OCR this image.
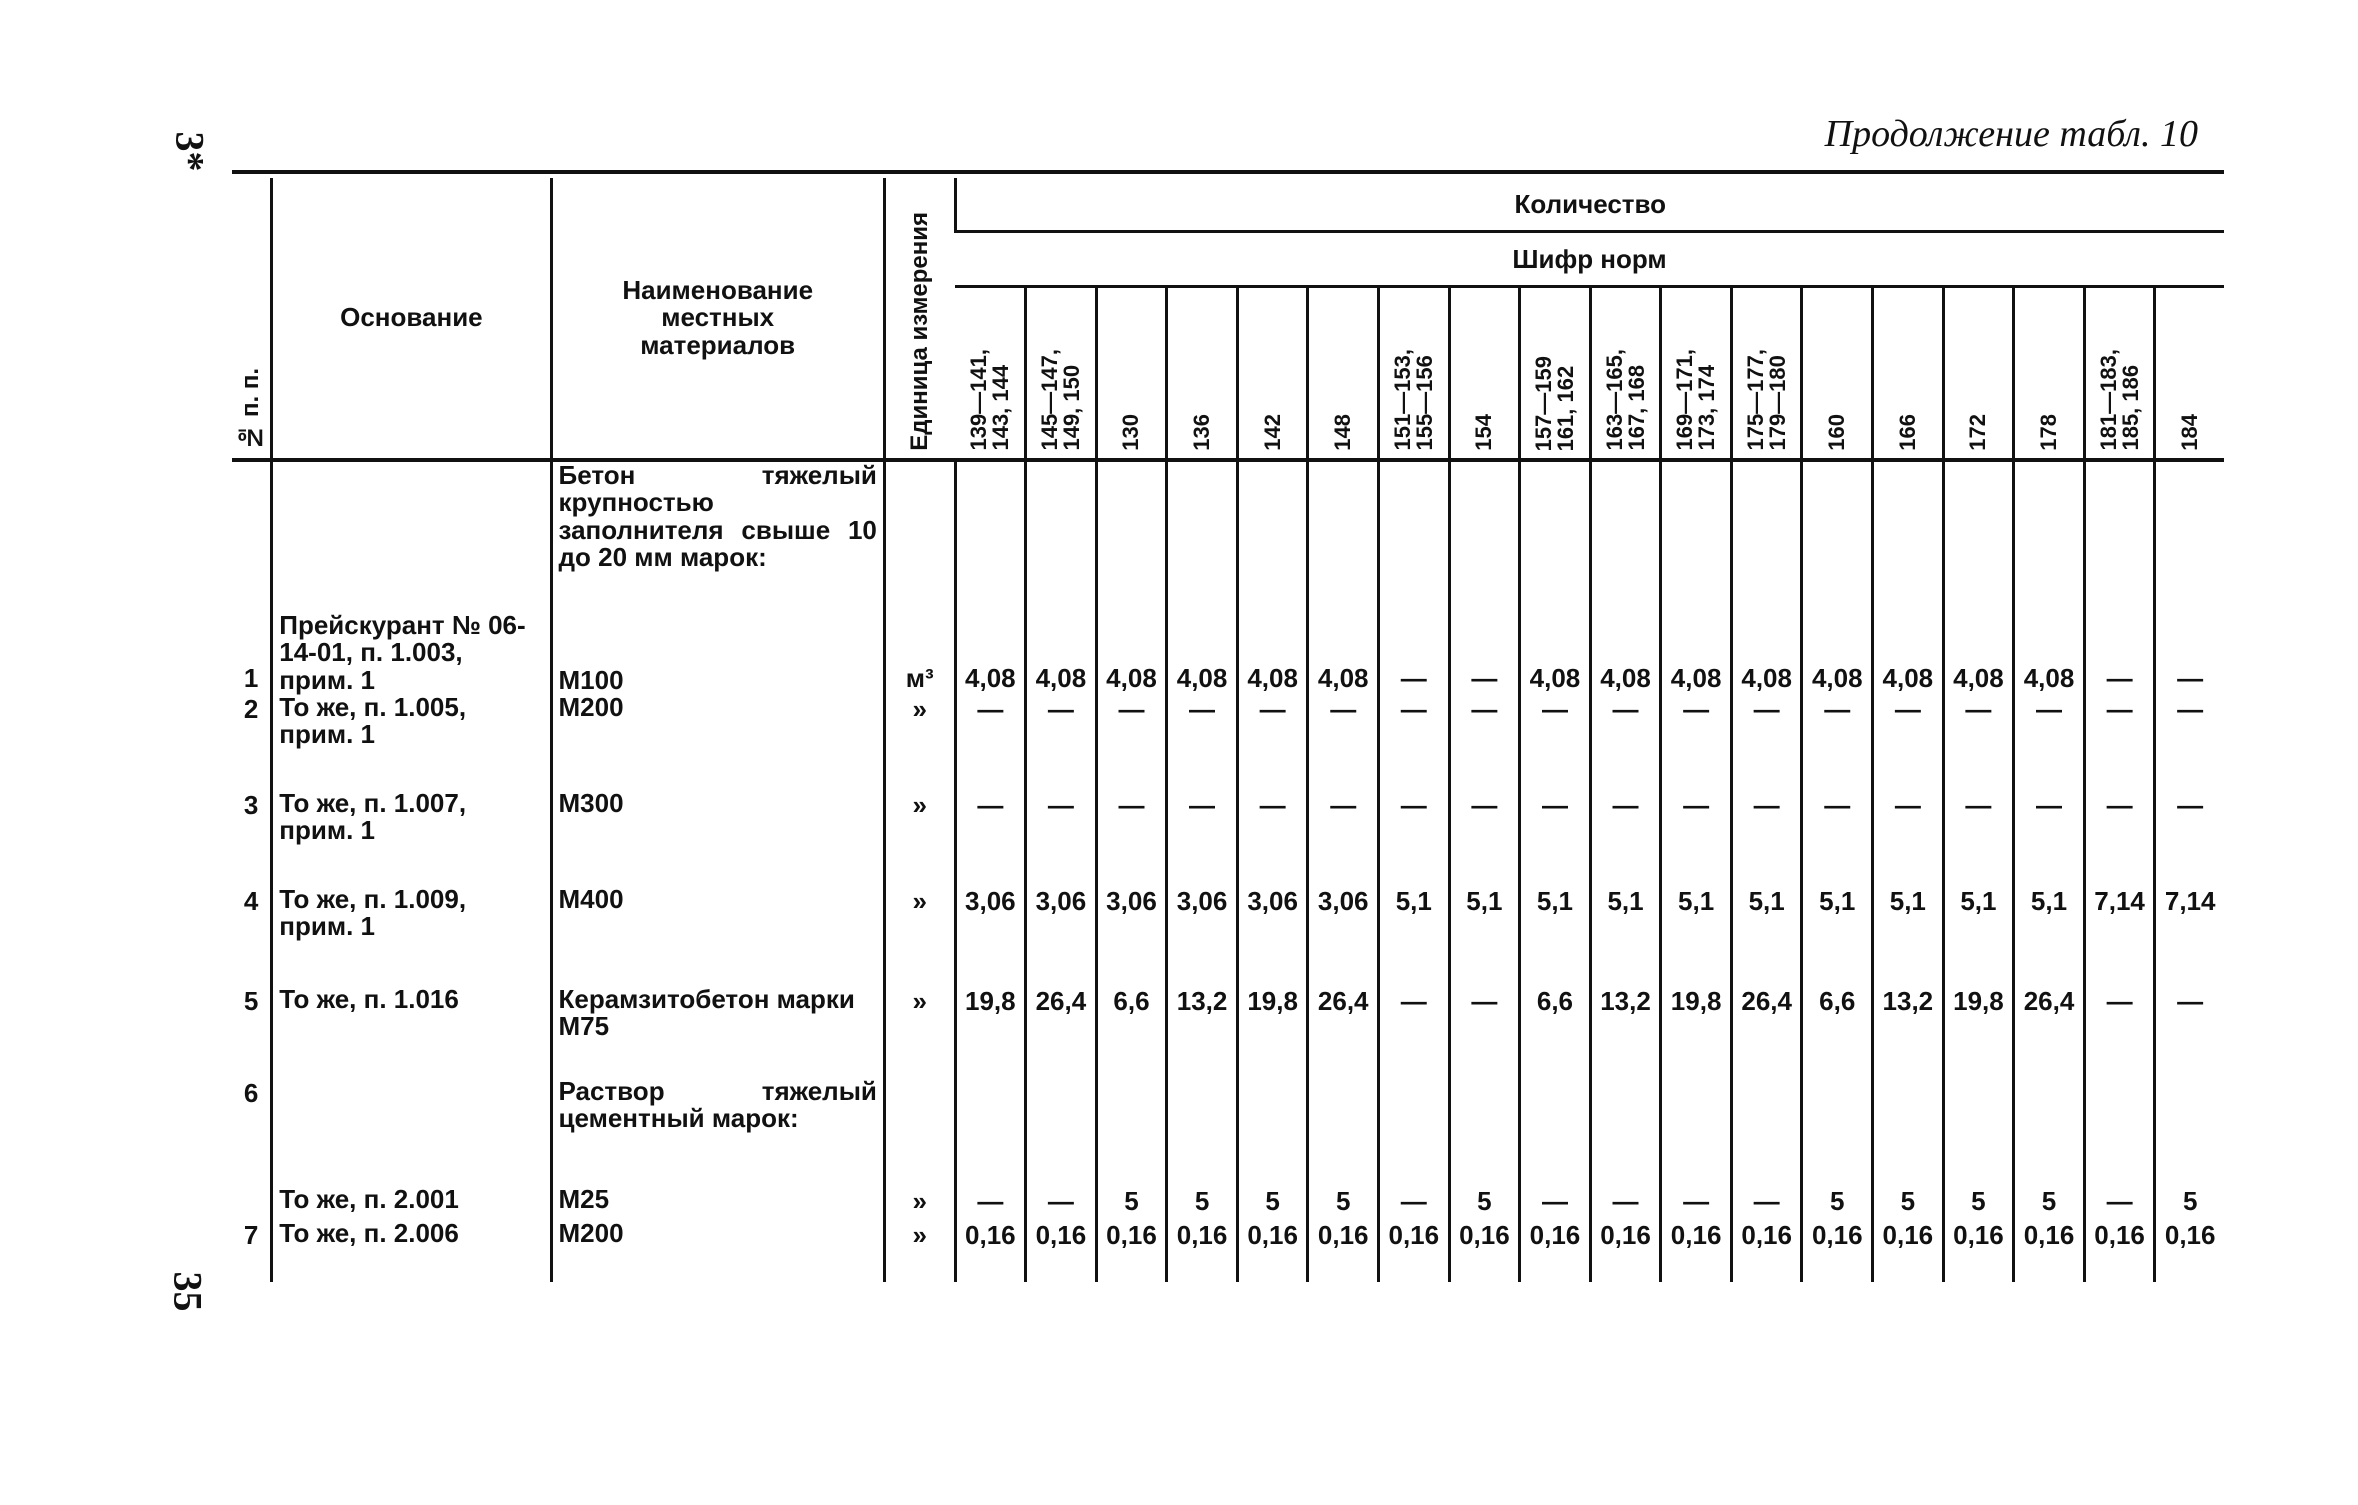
3*
35
Продолжение табл. 10
№ п. п.	Основание	Наименование местных материалов	Единица измерения	Количество																	
				Шифр норм																	
				139—141,
143, 144	145—147,
149, 150	130	136	142	148	151—153,
155—156	154	157—159
161, 162	163—165,
167, 168	169—171,
173, 174	175—177,
179—180	160	166	172	178	181—183,
185, 186	184
		Бетон тяжелый крупностью заполнителя свыше 10 до 20 мм марок:																			
1	Прейскурант № 06-14-01, п. 1.003, прим. 1	М100	м³	4,08	4,08	4,08	4,08	4,08	4,08	—	—	4,08	4,08	4,08	4,08	4,08	4,08	4,08	4,08	—	—
2	То же, п. 1.005, прим. 1	М200	»	—	—	—	—	—	—	—	—	—	—	—	—	—	—	—	—	—	—
3	То же, п. 1.007, прим. 1	М300	»	—	—	—	—	—	—	—	—	—	—	—	—	—	—	—	—	—	—
4	То же, п. 1.009, прим. 1	М400	»	3,06	3,06	3,06	3,06	3,06	3,06	5,1	5,1	5,1	5,1	5,1	5,1	5,1	5,1	5,1	5,1	7,14	7,14
5	То же, п. 1.016	Керамзитобетон марки М75	»	19,8	26,4	6,6	13,2	19,8	26,4	—	—	6,6	13,2	19,8	26,4	6,6	13,2	19,8	26,4	—	—
6		Раствор тяжелый цементный марок:																			
	То же, п. 2.001	М25	»	—	—	5	5	5	5	—	5	—	—	—	—	5	5	5	5	—	5
7	То же, п. 2.006	М200	»	0,16	0,16	0,16	0,16	0,16	0,16	0,16	0,16	0,16	0,16	0,16	0,16	0,16	0,16	0,16	0,16	0,16	0,16
